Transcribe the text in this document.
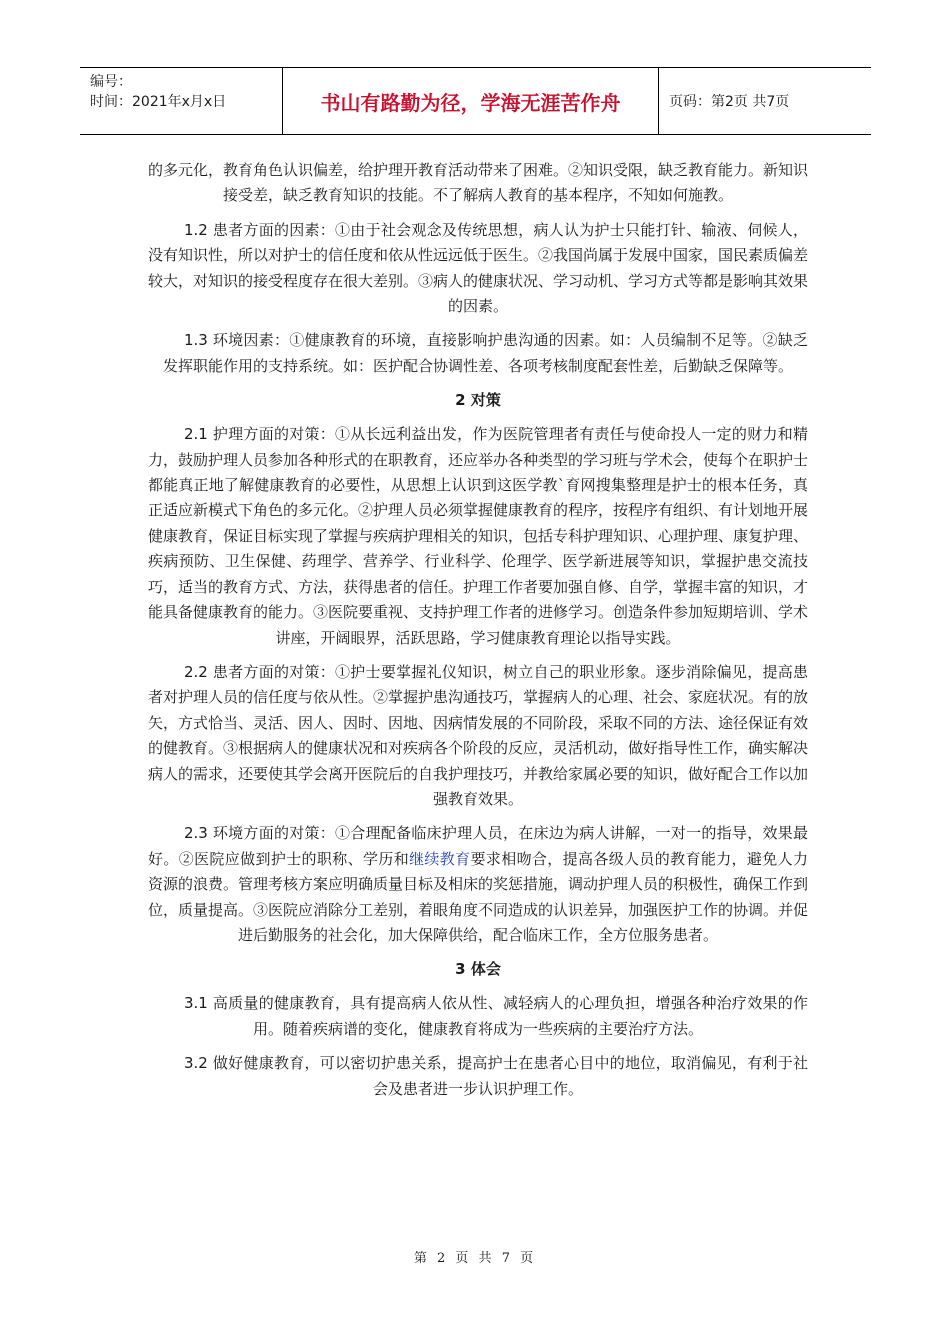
编号：
时间：2021年x月x日	书山有路勤为径，学海无涯苦作舟	页码：第2页 共7页

的多元化，教育角色认识偏差，给护理开教育活动带来了困难。②知识受限，缺乏教育能力。新知识接受差，缺乏教育知识的技能。不了解病人教育的基本程序，不知如何施教。

1.2 患者方面的因素：①由于社会观念及传统思想，病人认为护士只能打针、输液、伺候人，没有知识性，所以对护士的信任度和依从性远远低于医生。②我国尚属于发展中国家，国民素质偏差较大，对知识的接受程度存在很大差别。③病人的健康状况、学习动机、学习方式等都是影响其效果的因素。

1.3 环境因素：①健康教育的环境，直接影响护患沟通的因素。如：人员编制不足等。②缺乏发挥职能作用的支持系统。如：医护配合协调性差、各项考核制度配套性差，后勤缺乏保障等。

2 对策

2.1 护理方面的对策：①从长远利益出发，作为医院管理者有责任与使命投人一定的财力和精力，鼓励护理人员参加各种形式的在职教育，还应举办各种类型的学习班与学术会，使每个在职护士都能真正地了解健康教育的必要性，从思想上认识到这医学教`育网搜集整理是护士的根本任务，真正适应新模式下角色的多元化。②护理人员必须掌握健康教育的程序，按程序有组织、有计划地开展健康教育，保证目标实现了掌握与疾病护理相关的知识，包括专科护理知识、心理护理、康复护理、疾病预防、卫生保健、药理学、营养学、行业科学、伦理学、医学新进展等知识，掌握护患交流技巧，适当的教育方式、方法，获得患者的信任。护理工作者要加强自修、自学，掌握丰富的知识，才能具备健康教育的能力。③医院要重视、支持护理工作者的进修学习。创造条件参加短期培训、学术讲座，开阔眼界，活跃思路，学习健康教育理论以指导实践。

2.2 患者方面的对策：①护士要掌握礼仪知识，树立自己的职业形象。逐步消除偏见，提高患者对护理人员的信任度与依从性。②掌握护患沟通技巧，掌握病人的心理、社会、家庭状况。有的放矢，方式恰当、灵活、因人、因时、因地、因病情发展的不同阶段，采取不同的方法、途径保证有效的健教育。③根据病人的健康状况和对疾病各个阶段的反应，灵活机动，做好指导性工作，确实解决病人的需求，还要使其学会离开医院后的自我护理技巧，并教给家属必要的知识，做好配合工作以加强教育效果。

2.3 环境方面的对策：①合理配备临床护理人员，在床边为病人讲解，一对一的指导，效果最好。②医院应做到护士的职称、学历和继续教育要求相吻合，提高各级人员的教育能力，避免人力资源的浪费。管理考核方案应明确质量目标及相床的奖惩措施，调动护理人员的积极性，确保工作到位，质量提高。③医院应消除分工差别，着眼角度不同造成的认识差异，加强医护工作的协调。并促进后勤服务的社会化，加大保障供给，配合临床工作，全方位服务患者。

3 体会

3.1 高质量的健康教育，具有提高病人依从性、减轻病人的心理负担，增强各种治疗效果的作用。随着疾病谱的变化，健康教育将成为一些疾病的主要治疗方法。

3.2 做好健康教育，可以密切护患关系，提高护士在患者心目中的地位，取消偏见，有利于社会及患者进一步认识护理工作。

第 2 页 共 7 页
